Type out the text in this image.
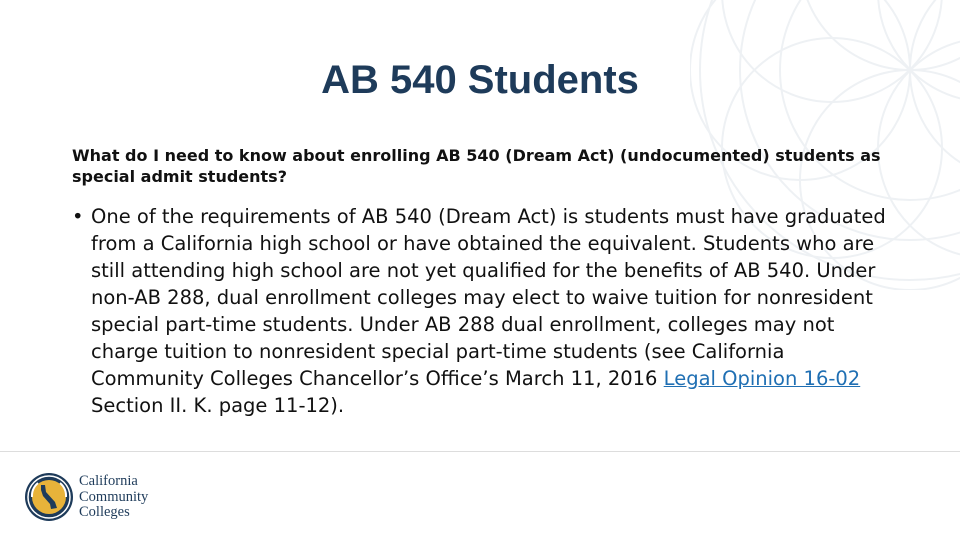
AB 540 Students
What do I need to know about enrolling AB 540 (Dream Act) (undocumented) students as special admit students?

• One of the requirements of AB 540 (Dream Act) is students must have graduated from a California high school or have obtained the equivalent. Students who are still attending high school are not yet qualified for the benefits of AB 540. Under non-AB 288, dual enrollment colleges may elect to waive tuition for nonresident special part-time students. Under AB 288 dual enrollment, colleges may not charge tuition to nonresident special part-time students (see California Community Colleges Chancellor’s Office’s March 11, 2016 Legal Opinion 16-02 Section II. K. page 11-12).

California
Community
Colleges
